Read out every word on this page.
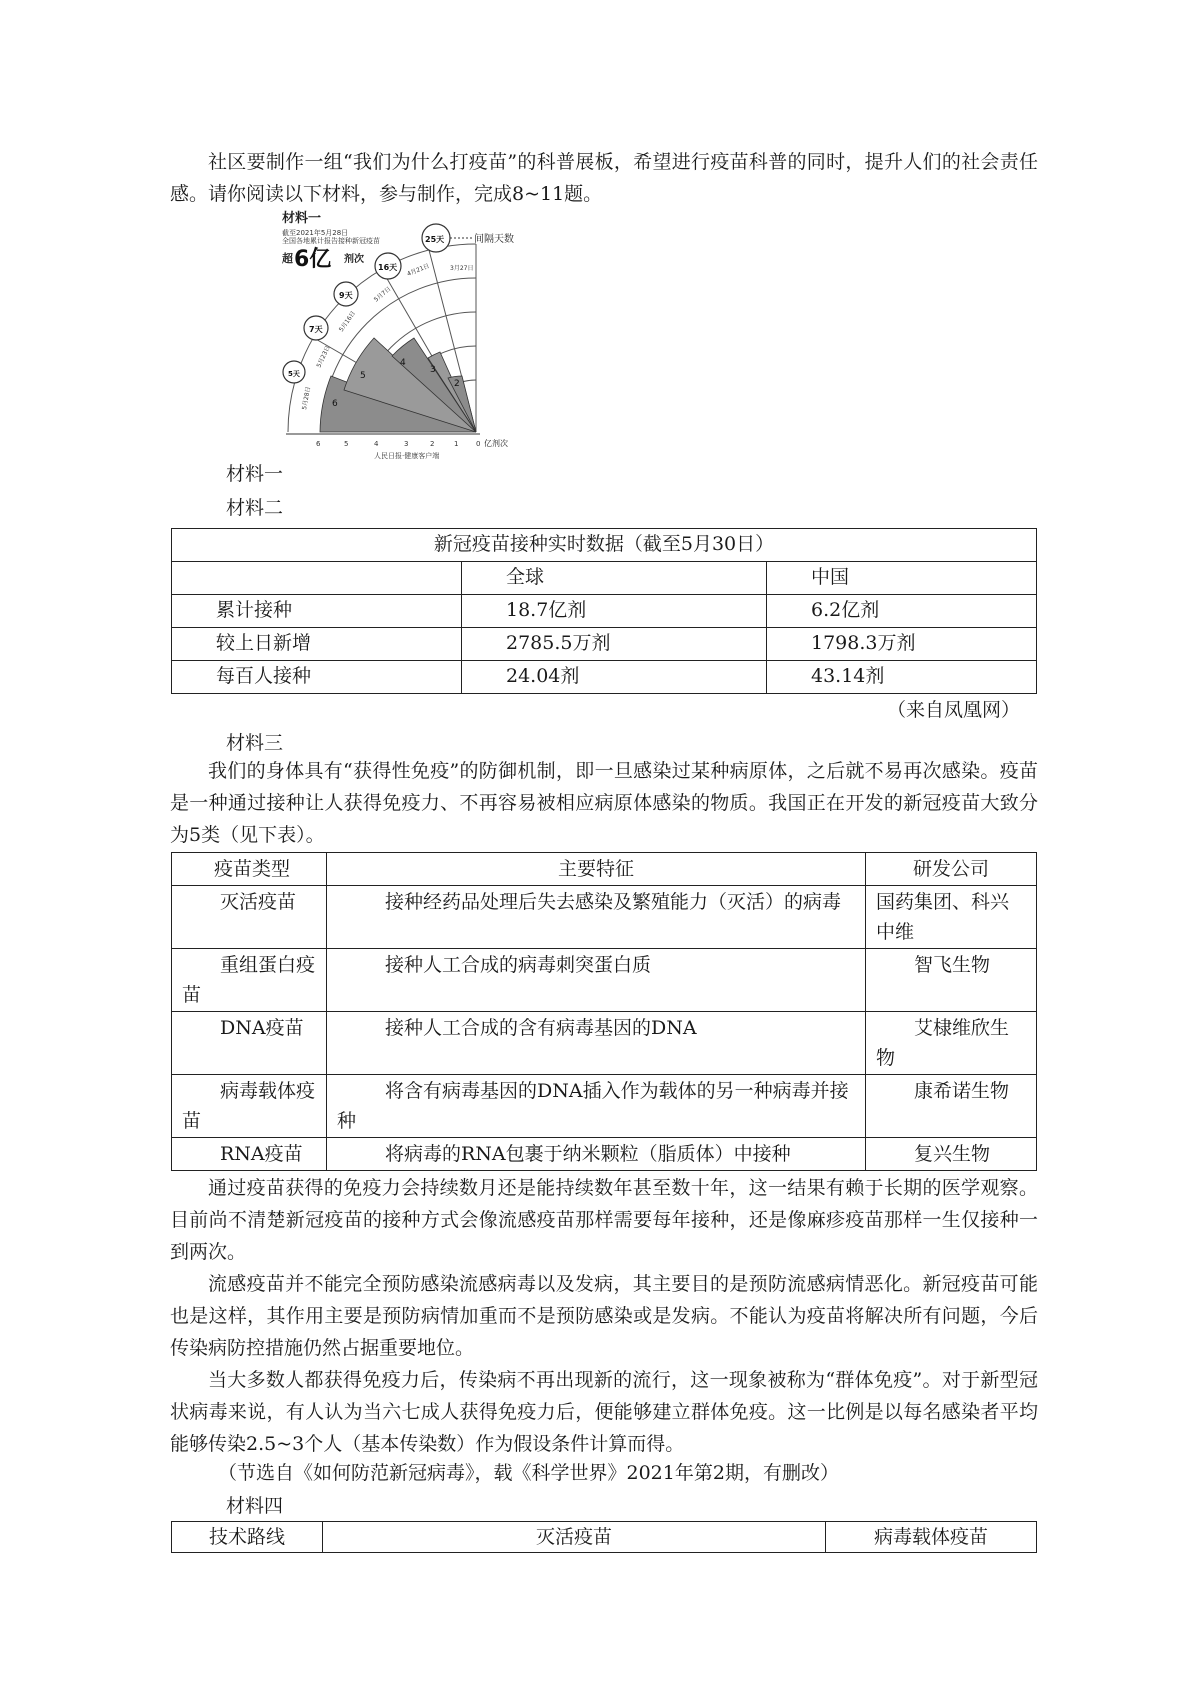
社区要制作一组“我们为什么打疫苗”的科普展板，希望进行疫苗科普的同时，提升人们的社会责任感。请你阅读以下材料，参与制作，完成8~11题。

材料一
截至2021年5月28日
全国各地累计报告接种新冠疫苗
超 6亿 剂次
6
5
4
3
2
5月28日
5月23日
5月16日
5月7日
4月21日	3月27日
5天
7天
9天
16天
25天	间隔天数
6	5	4	3	2	1	0 亿剂次
人民日报·健康客户端

材料一

材料二

新冠疫苗接种实时数据（截至5月30日）		
	全球	中国
累计接种	18.7亿剂	6.2亿剂
较上日新增	2785.5万剂	1798.3万剂
每百人接种	24.04剂	43.14剂

（来自凤凰网）

材料三

我们的身体具有“获得性免疫”的防御机制，即一旦感染过某种病原体，之后就不易再次感染。疫苗是一种通过接种让人获得免疫力、不再容易被相应病原体感染的物质。我国正在开发的新冠疫苗大致分为5类（见下表）。

疫苗类型	主要特征	研发公司
灭活疫苗	接种经药品处理后失去感染及繁殖能力（灭活）的病毒	国药集团、科兴中维
重组蛋白疫苗	接种人工合成的病毒刺突蛋白质	智飞生物
DNA疫苗	接种人工合成的含有病毒基因的DNA	艾棣维欣生物
病毒载体疫苗	将含有病毒基因的DNA插入作为载体的另一种病毒并接种	康希诺生物
RNA疫苗	将病毒的RNA包裹于纳米颗粒（脂质体）中接种	复兴生物

通过疫苗获得的免疫力会持续数月还是能持续数年甚至数十年，这一结果有赖于长期的医学观察。目前尚不清楚新冠疫苗的接种方式会像流感疫苗那样需要每年接种，还是像麻疹疫苗那样一生仅接种一到两次。

流感疫苗并不能完全预防感染流感病毒以及发病，其主要目的是预防流感病情恶化。新冠疫苗可能也是这样，其作用主要是预防病情加重而不是预防感染或是发病。不能认为疫苗将解决所有问题，今后传染病防控措施仍然占据重要地位。

当大多数人都获得免疫力后，传染病不再出现新的流行，这一现象被称为“群体免疫”。对于新型冠状病毒来说，有人认为当六七成人获得免疫力后，便能够建立群体免疫。这一比例是以每名感染者平均能够传染2.5~3个人（基本传染数）作为假设条件计算而得。

（节选自《如何防范新冠病毒》，载《科学世界》2021年第2期，有删改）

材料四

技术路线	灭活疫苗	病毒载体疫苗
